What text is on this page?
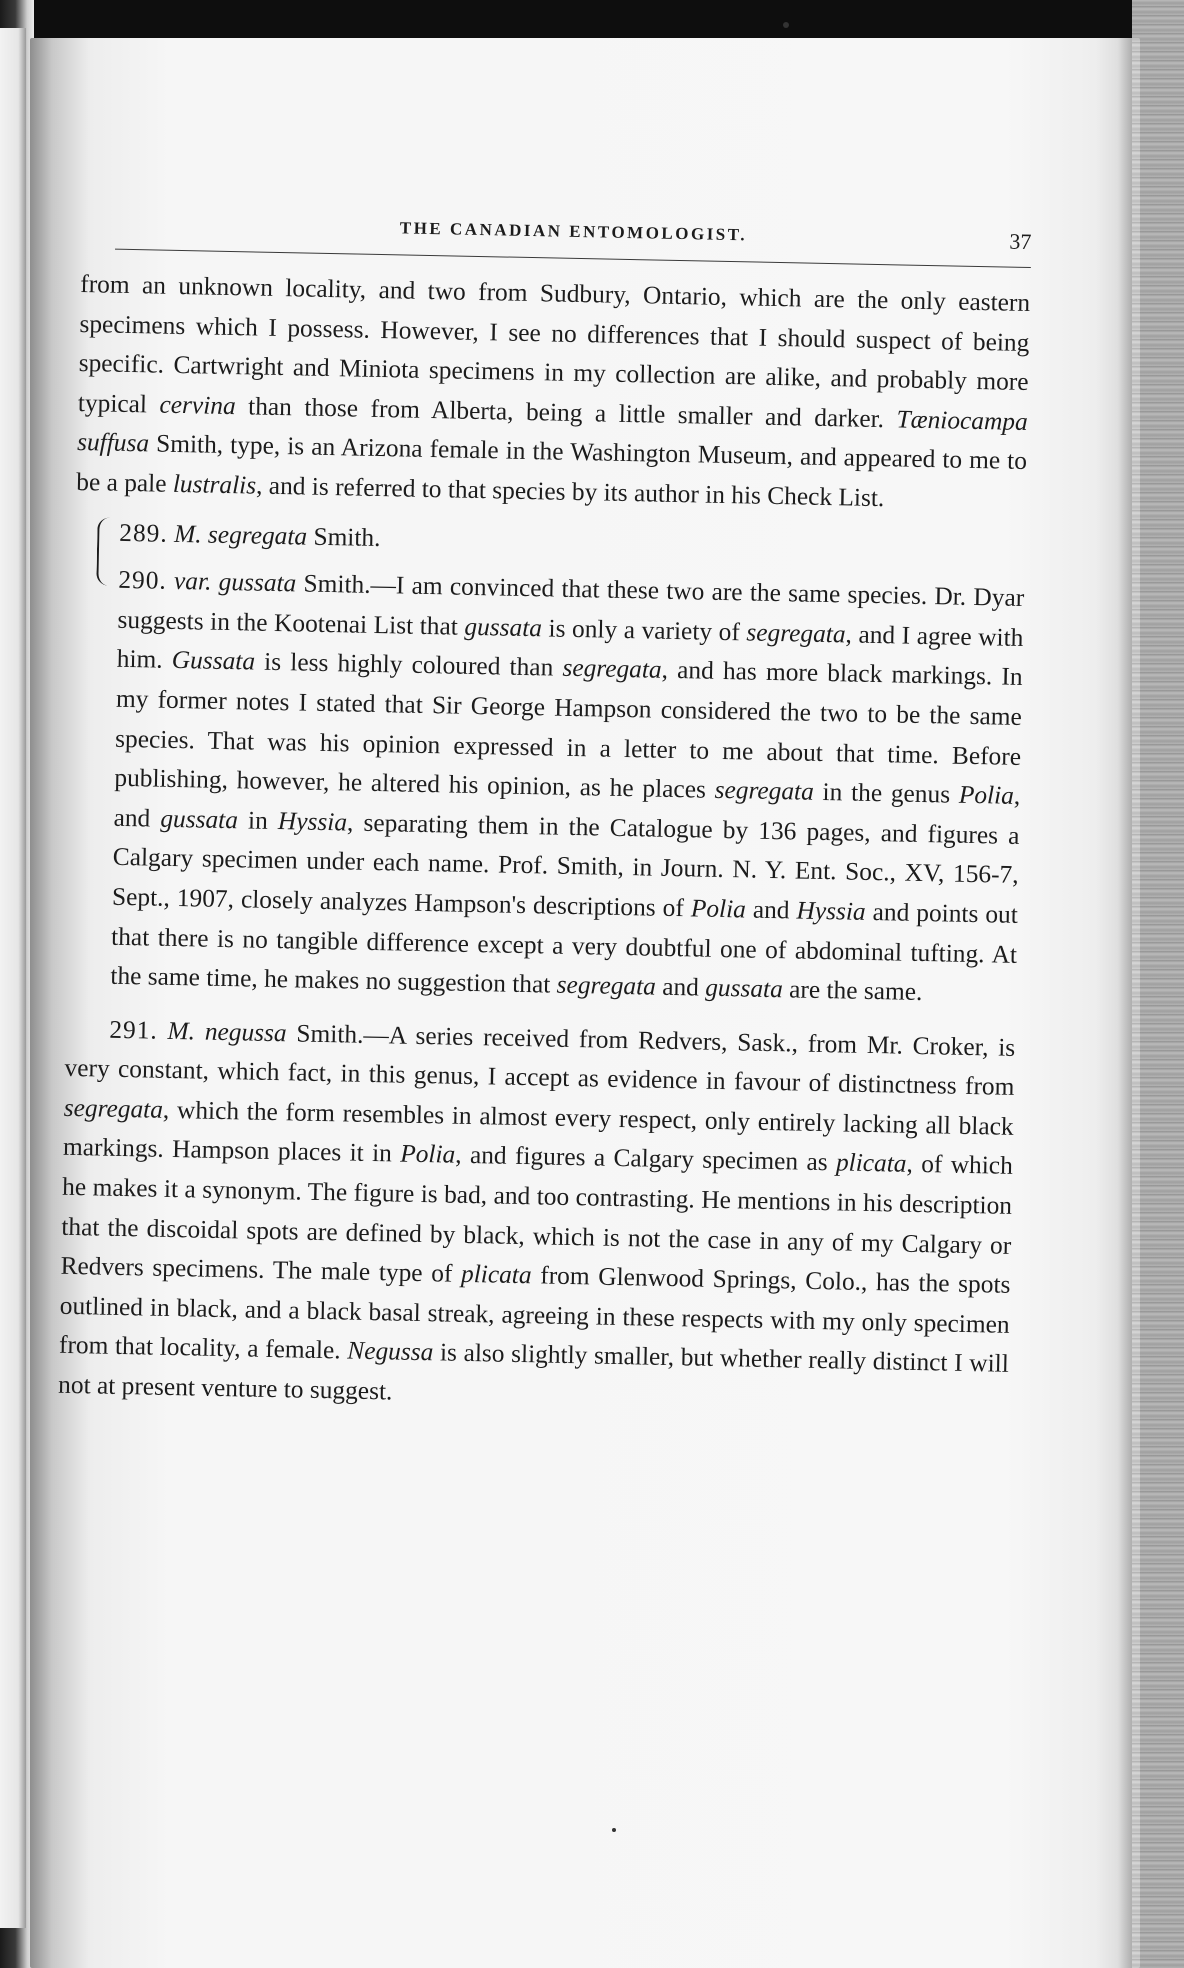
THE CANADIAN ENTOMOLOGIST.	37

from an unknown locality, and two from Sudbury, Ontario, which are the only eastern specimens which I possess. However, I see no differences that I should suspect of being specific. Cartwright and Miniota specimens in my collection are alike, and probably more typical cervina than those from Alberta, being a little smaller and darker. Tæniocampa suffusa Smith, type, is an Arizona female in the Washington Museum, and appeared to me to be a pale lustralis, and is referred to that species by its author in his Check List.

289. M. segregata Smith.

290. var. gussata Smith.—I am convinced that these two are the same species. Dr. Dyar suggests in the Kootenai List that gussata is only a variety of segregata, and I agree with him. Gussata is less highly coloured than segregata, and has more black markings. In my former notes I stated that Sir George Hampson considered the two to be the same species. That was his opinion expressed in a letter to me about that time. Before publishing, however, he altered his opinion, as he places segregata in the genus Polia, and gussata in Hyssia, separating them in the Catalogue by 136 pages, and figures a Calgary specimen under each name. Prof. Smith, in Journ. N. Y. Ent. Soc., XV, 156-7, Sept., 1907, closely analyzes Hampson's descriptions of Polia and Hyssia and points out that there is no tangible difference except a very doubtful one of abdominal tufting. At the same time, he makes no suggestion that segregata and gussata are the same.

291. M. negussa Smith.—A series received from Redvers, Sask., from Mr. Croker, is very constant, which fact, in this genus, I accept as evidence in favour of distinctness from segregata, which the form resembles in almost every respect, only entirely lacking all black markings. Hampson places it in Polia, and figures a Calgary specimen as plicata, of which he makes it a synonym. The figure is bad, and too contrasting. He mentions in his description that the discoidal spots are defined by black, which is not the case in any of my Calgary or Redvers specimens. The male type of plicata from Glenwood Springs, Colo., has the spots outlined in black, and a black basal streak, agreeing in these respects with my only specimen from that locality, a female. Negussa is also slightly smaller, but whether really distinct I will not at present venture to suggest.
